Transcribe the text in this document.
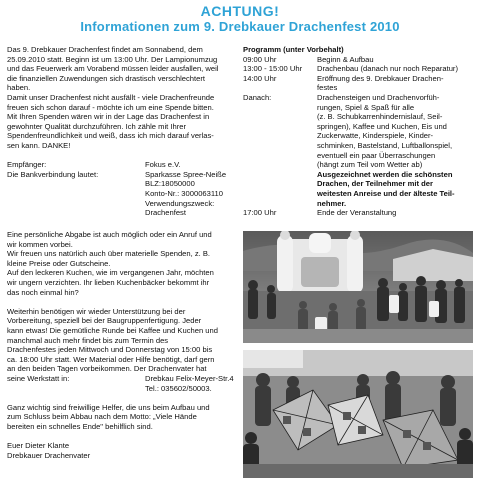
ACHTUNG!
Informationen zum 9. Drebkauer Drachenfest 2010

Das 9. Drebkauer Drachenfest findet am Sonnabend, dem

25.09.2010 statt. Beginn ist um 13:00 Uhr. Der Lampionumzug

und das Feuerwerk am Vorabend müssen leider ausfallen, weil

die finanziellen Zuwendungen sich drastisch verschlechtert

haben.

Damit unser Drachenfest nicht ausfällt - viele Drachenfreunde

freuen sich schon darauf - möchte ich um eine Spende bitten.

Mit Ihren Spenden wären wir in der Lage das Drachenfest in

gewohnter Qualität durchzuführen. Ich zähle mit Ihrer

Spendenfreundlichkeit und weiß, dass ich mich darauf verlas-

sen kann. DANKE!

Empfänger:	Fokus e.V.
Die Bankverbindung lautet:	Sparkasse Spree-Neiße
BLZ:18050000
Konto-Nr.: 3000063110
Verwendungszweck:
Drachenfest

Programm (unter Vorbehalt)

09:00 Uhr	Beginn & Aufbau
13:00 - 15:00 Uhr	Drachenbau (danach nur noch Reparatur)
14:00 Uhr	Eröffnung des 9. Drebkauer Drachen-
festes
Danach:	Drachensteigen und Drachenvorfüh-
rungen, Spiel & Spaß für alle
(z. B. Schubkarrenhindernislauf, Seil-
springen), Kaffee und Kuchen, Eis und
Zuckerwatte, Kinderspiele, Kinder-
schminken, Bastelstand, Luftballonspiel,
eventuell ein paar Überraschungen
(hängt zum Teil vom Wetter ab)
Ausgezeichnet werden die schönsten
Drachen, der Teilnehmer mit der
weitesten Anreise und der älteste Teil-
nehmer.
17:00 Uhr	Ende der Veranstaltung

Eine persönliche Abgabe ist auch möglich oder ein Anruf und

wir kommen vorbei.

Wir freuen uns natürlich auch über materielle Spenden, z. B.

kleine Preise oder Gutscheine.

Auf den leckeren Kuchen, wie im vergangenen Jahr, möchten

wir ungern verzichten. Ihr lieben Kuchenbäcker bekommt ihr

das noch einmal hin?

Weiterhin benötigen wir wieder Unterstützung bei der

Vorbereitung, speziell bei der Baugruppenfertigung. Jeder

kann etwas! Die gemütliche Runde bei Kaffee und Kuchen und

manchmal auch mehr findet bis zum Termin des

Drachenfestes jeden Mittwoch und Donnerstag von 15:00 bis

ca. 18:00 Uhr statt. Wer Material oder Hilfe benötigt, darf gern

an den beiden Tagen vorbeikommen. Der Drachenvater hat

seine Werkstatt in:	Drebkau Felix-Meyer-Str.4
Tel.: 035602/50003.

Ganz wichtig sind freiwillige Helfer, die uns beim Aufbau und

zum Schluss beim Abbau nach dem Motto: „Viele Hände

bereiten ein schnelles Ende" behilflich sind.

Euer Dieter Klante

Drebkauer Drachenvater
